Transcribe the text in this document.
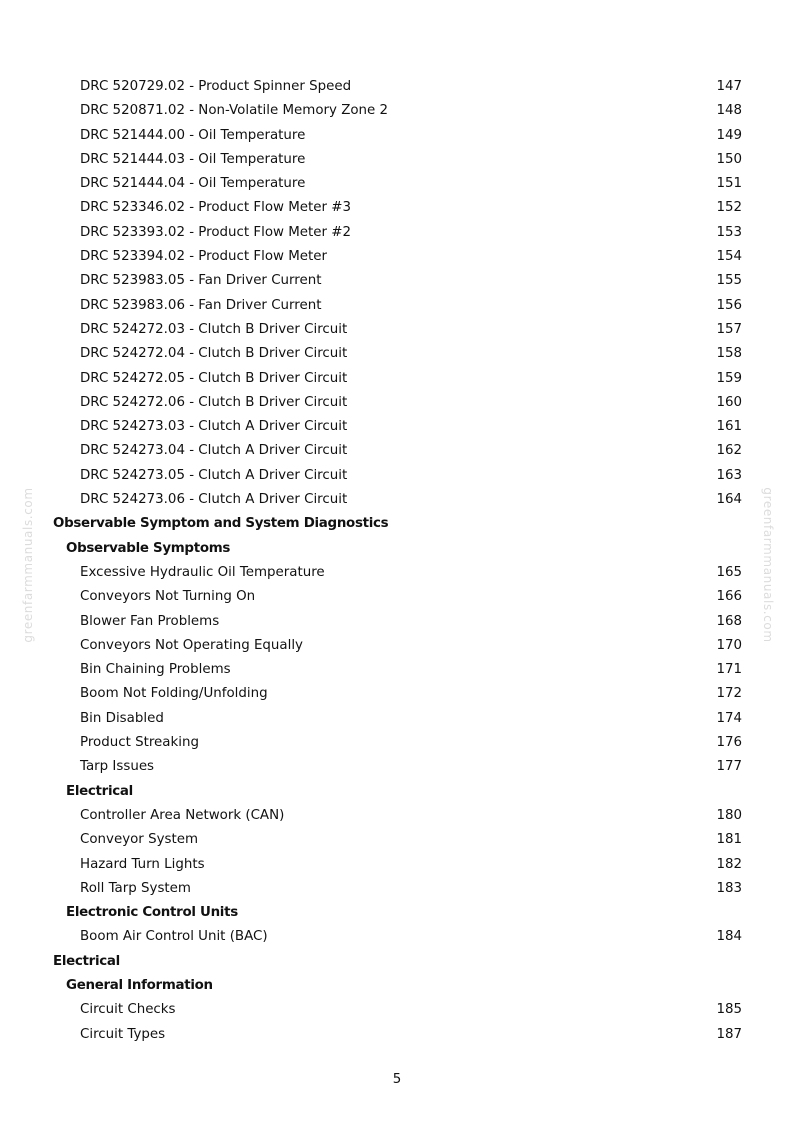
greenfarmmanuals.com	greenfarmmanuals.com
DRC 520729.02 - Product Spinner Speed	147
DRC 520871.02 - Non-Volatile Memory Zone 2	148
DRC 521444.00 - Oil Temperature	149
DRC 521444.03 - Oil Temperature	150
DRC 521444.04 - Oil Temperature	151
DRC 523346.02 - Product Flow Meter #3	152
DRC 523393.02 - Product Flow Meter #2	153
DRC 523394.02 - Product Flow Meter	154
DRC 523983.05 - Fan Driver Current	155
DRC 523983.06 - Fan Driver Current	156
DRC 524272.03 - Clutch B Driver Circuit	157
DRC 524272.04 - Clutch B Driver Circuit	158
DRC 524272.05 - Clutch B Driver Circuit	159
DRC 524272.06 - Clutch B Driver Circuit	160
DRC 524273.03 - Clutch A Driver Circuit	161
DRC 524273.04 - Clutch A Driver Circuit	162
DRC 524273.05 - Clutch A Driver Circuit	163
DRC 524273.06 - Clutch A Driver Circuit	164
Observable Symptom and System Diagnostics
Observable Symptoms
Excessive Hydraulic Oil Temperature	165
Conveyors Not Turning On	166
Blower Fan Problems	168
Conveyors Not Operating Equally	170
Bin Chaining Problems	171
Boom Not Folding/Unfolding	172
Bin Disabled	174
Product Streaking	176
Tarp Issues	177
Electrical
Controller Area Network (CAN)	180
Conveyor System	181
Hazard Turn Lights	182
Roll Tarp System	183
Electronic Control Units
Boom Air Control Unit (BAC)	184
Electrical
General Information
Circuit Checks	185
Circuit Types	187
5
